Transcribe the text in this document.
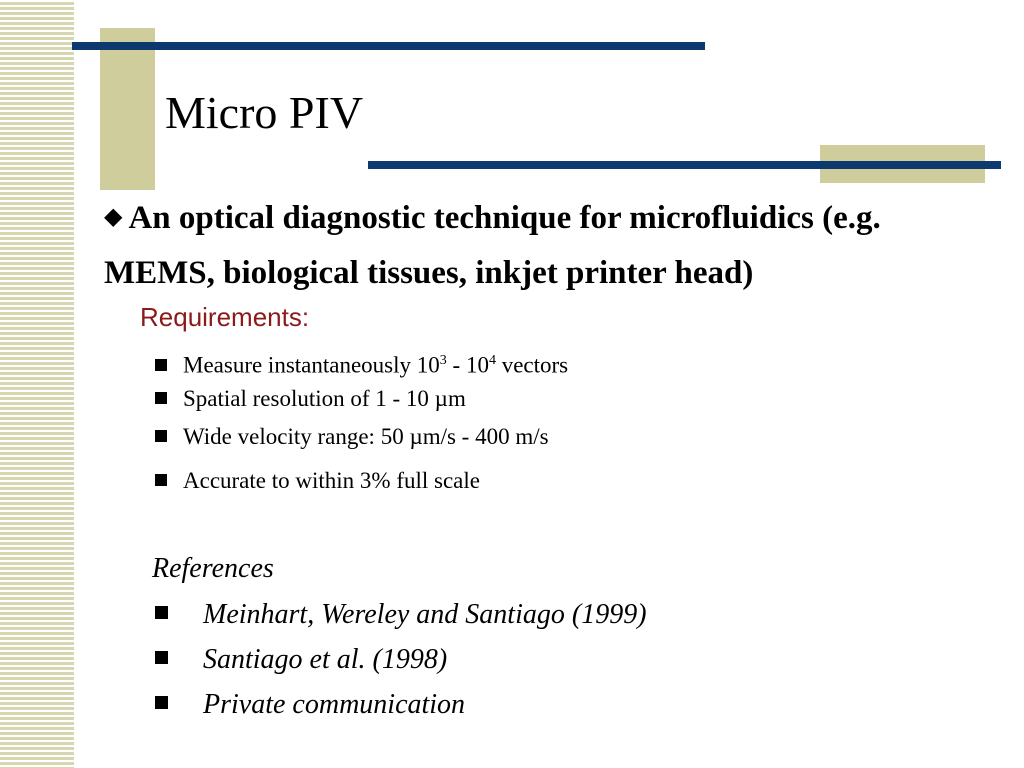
Micro PIV
◆ An optical diagnostic technique for microfluidics (e.g. MEMS, biological tissues, inkjet printer head)
Requirements:
Measure instantaneously $10^3 - 10^4$ vectors
Spatial resolution of 1 - 10 µm
Wide velocity range: 50 µm/s - 400 m/s
Accurate to within 3% full scale
References
Meinhart, Wereley and Santiago (1999)
Santiago et al. (1998)
Private communication
